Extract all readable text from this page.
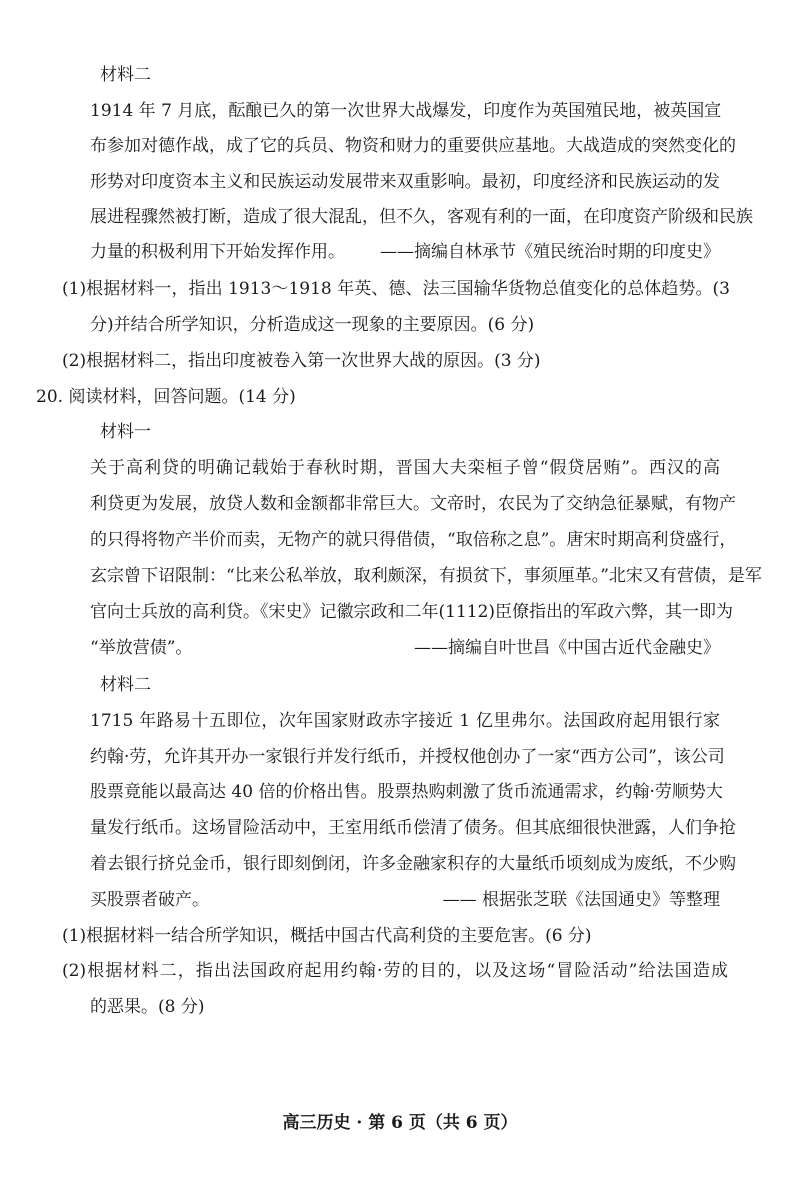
材料二
1914 年 7 月底，酝酿已久的第一次世界大战爆发，印度作为英国殖民地，被英国宣
布参加对德作战，成了它的兵员、物资和财力的重要供应基地。大战造成的突然变化的
形势对印度资本主义和民族运动发展带来双重影响。最初，印度经济和民族运动的发
展进程骤然被打断，造成了很大混乱，但不久，客观有利的一面，在印度资产阶级和民族
力量的积极利用下开始发挥作用。 ——摘编自林承节《殖民统治时期的印度史》
(1)根据材料一，指出 1913～1918 年英、德、法三国输华货物总值变化的总体趋势。(3
分)并结合所学知识，分析造成这一现象的主要原因。(6 分)
(2)根据材料二，指出印度被卷入第一次世界大战的原因。(3 分)
20. 阅读材料，回答问题。(14 分)
材料一
关于高利贷的明确记载始于春秋时期，晋国大夫栾桓子曾“假贷居贿”。西汉的高
利贷更为发展，放贷人数和金额都非常巨大。文帝时，农民为了交纳急征暴赋，有物产
的只得将物产半价而卖，无物产的就只得借债，“取倍称之息”。唐宋时期高利贷盛行，
玄宗曾下诏限制：“比来公私举放，取利颇深，有损贫下，事须厘革。”北宋又有营债，是军
官向士兵放的高利贷。《宋史》记徽宗政和二年(1112)臣僚指出的军政六弊，其一即为
“举放营债”。	——摘编自叶世昌《中国古近代金融史》
材料二
1715 年路易十五即位，次年国家财政赤字接近 1 亿里弗尔。法国政府起用银行家
约翰·劳，允许其开办一家银行并发行纸币，并授权他创办了一家“西方公司”，该公司
股票竟能以最高达 40 倍的价格出售。股票热购刺激了货币流通需求，约翰·劳顺势大
量发行纸币。这场冒险活动中，王室用纸币偿清了债务。但其底细很快泄露，人们争抢
着去银行挤兑金币，银行即刻倒闭，许多金融家积存的大量纸币顷刻成为废纸，不少购
买股票者破产。	—— 根据张芝联《法国通史》等整理
(1)根据材料一结合所学知识，概括中国古代高利贷的主要危害。(6 分)
(2)根据材料二，指出法国政府起用约翰·劳的目的，以及这场“冒险活动”给法国造成
的恶果。(8 分)
高三历史 · 第 6 页（共 6 页）
